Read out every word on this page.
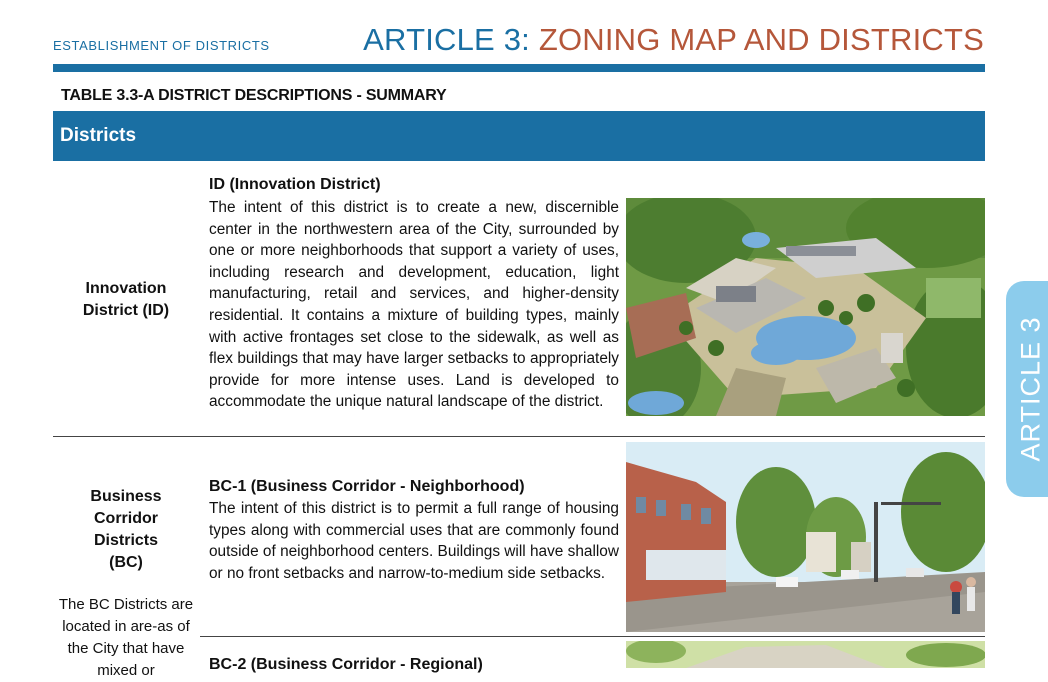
ESTABLISHMENT OF DISTRICTS	ARTICLE 3: ZONING MAP AND DISTRICTS
TABLE 3.3-A DISTRICT DESCRIPTIONS - SUMMARY
Districts
Innovation District (ID)
ID (Innovation District)
The intent of this district is to create a new, discernible center in the northwestern area of the City, surrounded by one or more neighborhoods that support a variety of uses, including research and development, education, light manufacturing, retail and services, and higher-density residential. It contains a mixture of building types, mainly with active frontages set close to the sidewalk, as well as flex buildings that may have larger setbacks to appropriately provide for more intense uses. Land is developed to accommodate the unique natural landscape of the district.
Business Corridor Districts (BC)
The BC Districts are located in are-as of the City that have mixed or
BC-1 (Business Corridor - Neighborhood)
The intent of this district is to permit a full range of housing types along with commercial uses that are commonly found outside of neighborhood centers. Buildings will have shallow or no front setbacks and narrow-to-medium side setbacks.
BC-2 (Business Corridor - Regional)
ARTICLE 3
